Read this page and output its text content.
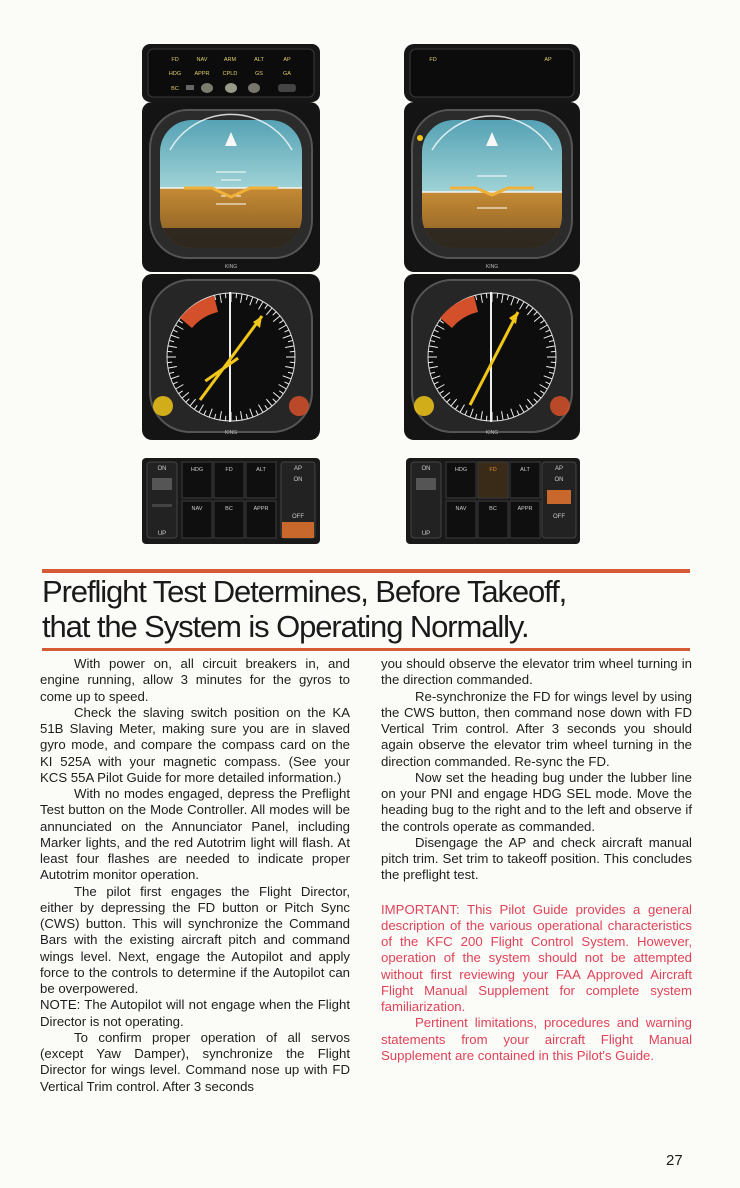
FD	NAV	ARM	ALT	AP
HDG APPR CPLD	GS	GA
BC
KING
KING
ON
UP
HDG	FD	ALT
NAV	BC	APPR
AP
ON
OFF
FD	AP
KING
KING
ON
UP
HDG	FD	ALT
NAV	BC	APPR
AP
ON
OFF
Preflight Test Determines, Before Takeoff,
that the System is Operating Normally.

With power on, all circuit breakers in, and engine running, allow 3 minutes for the gyros to come up to speed.

Check the slaving switch position on the KA 51B Slaving Meter, making sure you are in slaved gyro mode, and compare the compass card on the KI 525A with your magnetic compass. (See your KCS 55A Pilot Guide for more detailed information.)

With no modes engaged, depress the Preflight Test button on the Mode Controller. All modes will be annunciated on the Annunciator Panel, including Marker lights, and the red Autotrim light will flash. At least four flashes are needed to indicate proper Autotrim monitor operation.

The pilot first engages the Flight Director, either by depressing the FD button or Pitch Sync (CWS) button. This will synchronize the Command Bars with the existing aircraft pitch and command wings level. Next, engage the Autopilot and apply force to the controls to determine if the Autopilot can be overpowered.

NOTE: The Autopilot will not engage when the Flight Director is not operating.

To confirm proper operation of all servos (except Yaw Damper), synchronize the Flight Director for wings level. Command nose up with FD Vertical Trim control. After 3 seconds

you should observe the elevator trim wheel turning in the direction commanded.

Re-synchronize the FD for wings level by using the CWS button, then command nose down with FD Vertical Trim control. After 3 seconds you should again observe the elevator trim wheel turning in the direction commanded. Re-sync the FD.

Now set the heading bug under the lubber line on your PNI and engage HDG SEL mode. Move the heading bug to the right and to the left and observe if the controls operate as commanded.

Disengage the AP and check aircraft manual pitch trim. Set trim to takeoff position. This concludes the preflight test.

IMPORTANT: This Pilot Guide provides a general description of the various operational characteristics of the KFC 200 Flight Control System. However, operation of the system should not be attempted without first reviewing your FAA Approved Aircraft Flight Manual Supplement for complete system familiarization.

Pertinent limitations, procedures and warning statements from your aircraft Flight Manual Supplement are contained in this Pilot's Guide.

27
